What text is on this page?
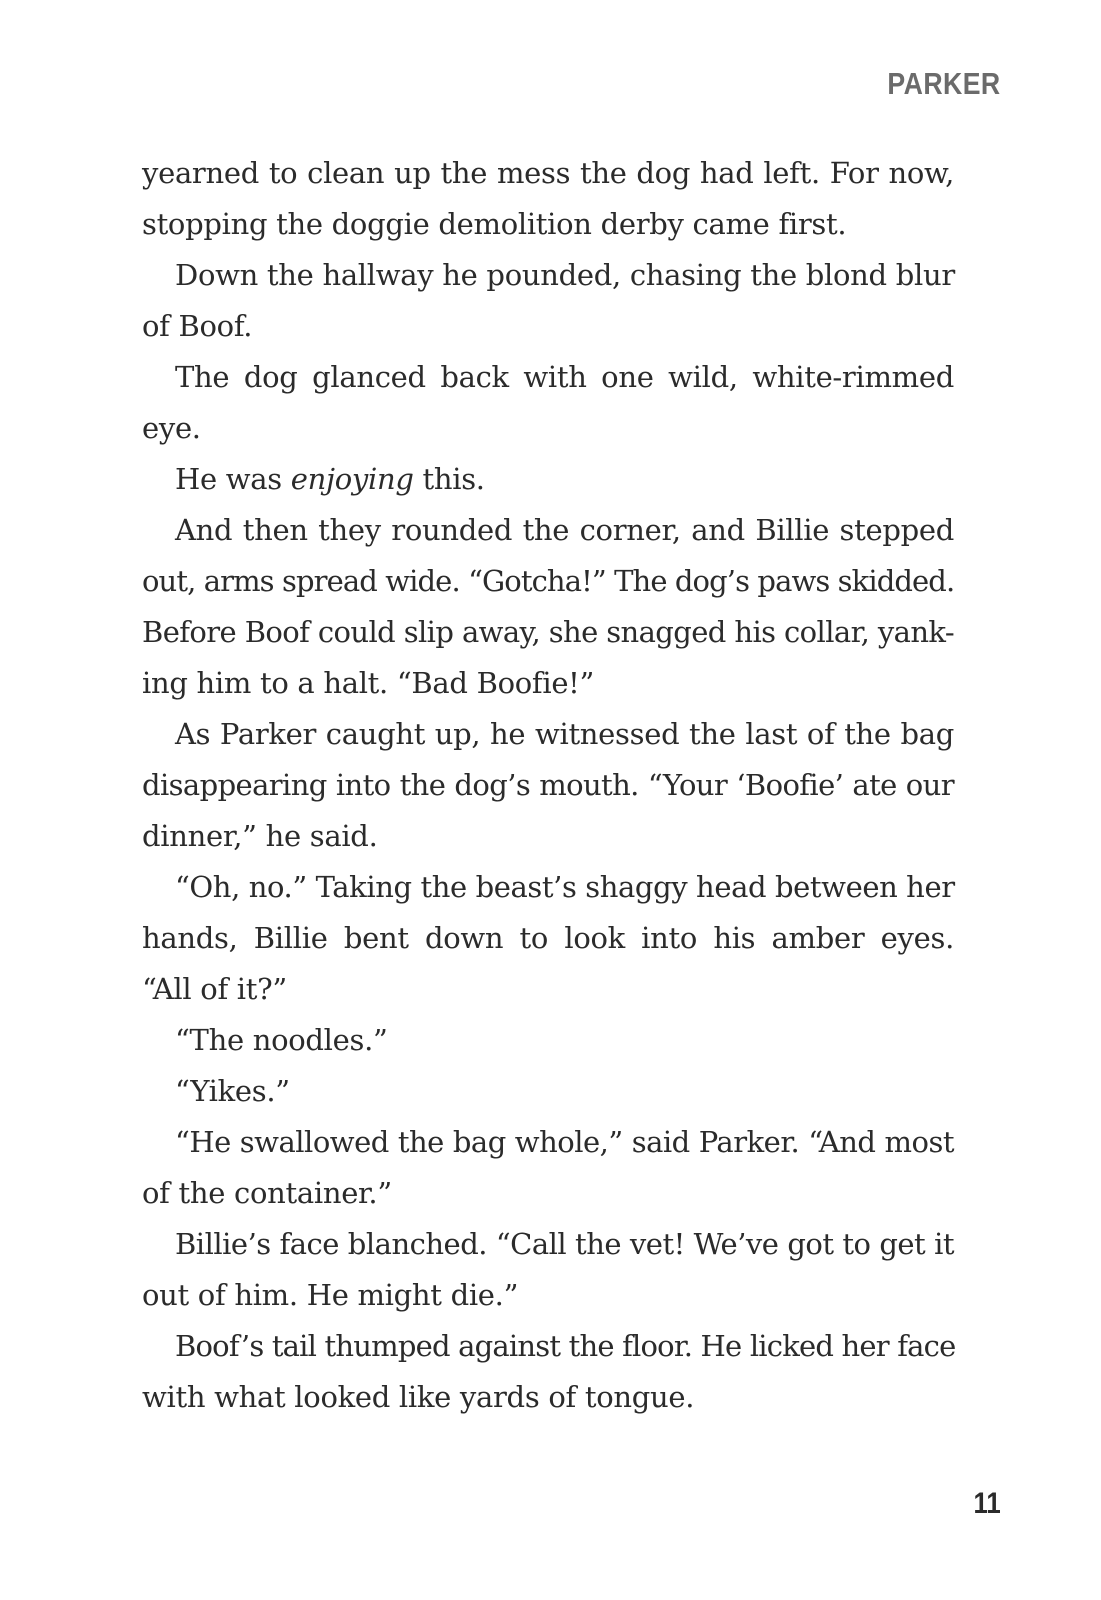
PARKER
yearned to clean up the mess the dog had left. For now,
stopping the doggie demolition derby came first.
Down the hallway he pounded, chasing the blond blur
of Boof.
The dog glanced back with one wild, white-rimmed
eye.
He was enjoying this.
And then they rounded the corner, and Billie stepped
out, arms spread wide. “Gotcha!” The dog’s paws skidded.
Before Boof could slip away, she snagged his collar, yank-
ing him to a halt. “Bad Boofie!”
As Parker caught up, he witnessed the last of the bag
disappearing into the dog’s mouth. “Your ‘Boofie’ ate our
dinner,” he said.
“Oh, no.” Taking the beast’s shaggy head between her
hands, Billie bent down to look into his amber eyes.
“All of it?”
“The noodles.”
“Yikes.”
“He swallowed the bag whole,” said Parker. “And most
of the container.”
Billie’s face blanched. “Call the vet! We’ve got to get it
out of him. He might die.”
Boof’s tail thumped against the floor. He licked her face
with what looked like yards of tongue.
11
